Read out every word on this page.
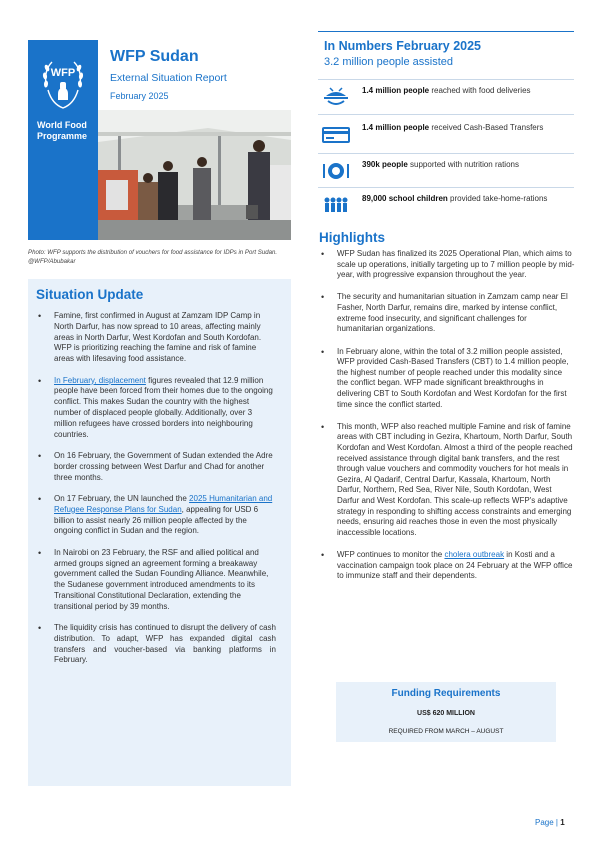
WFP
World Food Programme
WFP Sudan
External Situation Report
February 2025
Photo: WFP supports the distribution of vouchers for food assistance for IDPs in Port Sudan. @WFP/Abubakar
Situation Update
• Famine, first confirmed in August at Zamzam IDP Camp in North Darfur, has now spread to 10 areas, affecting mainly areas in North Darfur, West Kordofan and South Kordofan. WFP is prioritizing reaching the famine and risk of famine areas with lifesaving food assistance.
• In February, displacement figures revealed that 12.9 million people have been forced from their homes due to the ongoing conflict. This makes Sudan the country with the highest number of displaced people globally. Additionally, over 3 million refugees have crossed borders into neighbouring countries.
• On 16 February, the Government of Sudan extended the Adre border crossing between West Darfur and Chad for another three months.
• On 17 February, the UN launched the 2025 Humanitarian and Refugee Response Plans for Sudan, appealing for USD 6 billion to assist nearly 26 million people affected by the ongoing conflict in Sudan and the region.
• In Nairobi on 23 February, the RSF and allied political and armed groups signed an agreement forming a breakaway government called the Sudan Founding Alliance. Meanwhile, the Sudanese government introduced amendments to its Transitional Constitutional Declaration, extending the transitional period by 39 months.
• The liquidity crisis has continued to disrupt the delivery of cash distribution. To adapt, WFP has expanded digital cash transfers and voucher-based via banking platforms in February.
In Numbers February 2025
3.2 million people assisted
1.4 million people reached with food deliveries
1.4 million people received Cash-Based Transfers
390k people supported with nutrition rations
89,000 school children provided take-home-rations
Highlights
• WFP Sudan has finalized its 2025 Operational Plan, which aims to scale up operations, initially targeting up to 7 million people by mid-year, with progressive expansion throughout the year.
• The security and humanitarian situation in Zamzam camp near El Fasher, North Darfur, remains dire, marked by intense conflict, extreme food insecurity, and significant challenges for humanitarian organizations.
• In February alone, within the total of 3.2 million people assisted, WFP provided Cash-Based Transfers (CBT) to 1.4 million people, the highest number of people reached under this modality since the conflict began. WFP made significant breakthroughs in delivering CBT to South Kordofan and West Kordofan for the first time since the conflict started.
• This month, WFP also reached multiple Famine and risk of famine areas with CBT including in Gezira, Khartoum, North Darfur, South Kordofan and West Kordofan. Almost a third of the people reached received assistance through digital bank transfers, and the rest through value vouchers and commodity vouchers for hot meals in Gezira, Al Qadarif, Central Darfur, Kassala, Khartoum, North Darfur, Northern, Red Sea, River Nile, South Kordofan, West Darfur and West Kordofan. This scale-up reflects WFP's adaptive strategy in responding to shifting access constraints and emerging needs, ensuring aid reaches those in even the most physically inaccessible locations.
• WFP continues to monitor the cholera outbreak in Kosti and a vaccination campaign took place on 24 February at the WFP office to immunize staff and their dependents.
Funding Requirements
US$ 620 MILLION
REQUIRED FROM MARCH – AUGUST
Page | 1
